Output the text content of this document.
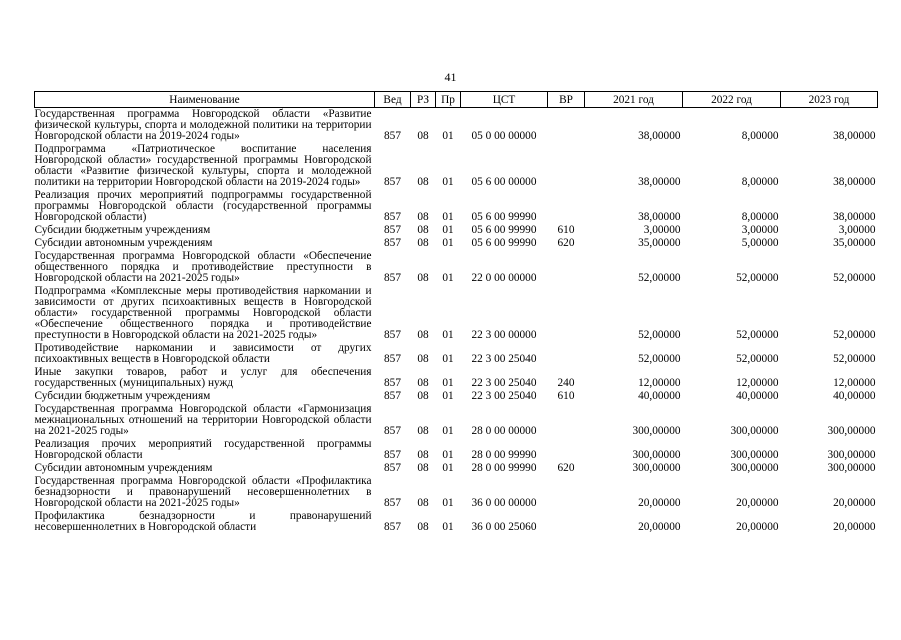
41
Наименование	Вед	РЗ	Пр	ЦСТ	ВР	2021 год	2022 год	2023 год
Государственная программа Новгородской области «Развитие физической культуры, спорта и молодежной политики на территории Новгородской области на 2019-2024 годы»	857	08	01	05 0 00 00000		38,00000	8,00000	38,00000
Подпрограмма «Патриотическое воспитание населения Новгородской области» государственной программы Новгородской области «Развитие физической культуры, спорта и молодежной политики на территории Новгородской области на 2019-2024 годы»	857	08	01	05 6 00 00000		38,00000	8,00000	38,00000
Реализация прочих мероприятий подпрограммы государственной программы Новгородской области (государственной программы Новгородской области)	857	08	01	05 6 00 99990		38,00000	8,00000	38,00000
Субсидии бюджетным учреждениям	857	08	01	05 6 00 99990	610	3,00000	3,00000	3,00000
Субсидии автономным учреждениям	857	08	01	05 6 00 99990	620	35,00000	5,00000	35,00000
Государственная программа Новгородской области «Обеспечение общественного порядка и противодействие преступности в Новгородской области на 2021-2025 годы»	857	08	01	22 0 00 00000		52,00000	52,00000	52,00000
Подпрограмма «Комплексные меры противодействия наркомании и зависимости от других психоактивных веществ в Новгородской области» государственной программы Новгородской области «Обеспечение общественного порядка и противодействие преступности в Новгородской области на 2021-2025 годы»	857	08	01	22 3 00 00000		52,00000	52,00000	52,00000
Противодействие наркомании и зависимости от других психоактивных веществ в Новгородской области	857	08	01	22 3 00 25040		52,00000	52,00000	52,00000
Иные закупки товаров, работ и услуг для обеспечения государственных (муниципальных) нужд	857	08	01	22 3 00 25040	240	12,00000	12,00000	12,00000
Субсидии бюджетным учреждениям	857	08	01	22 3 00 25040	610	40,00000	40,00000	40,00000
Государственная программа Новгородской области «Гармонизация межнациональных отношений на территории Новгородской области на 2021-2025 годы»	857	08	01	28 0 00 00000		300,00000	300,00000	300,00000
Реализация прочих мероприятий государственной программы Новгородской области	857	08	01	28 0 00 99990		300,00000	300,00000	300,00000
Субсидии автономным учреждениям	857	08	01	28 0 00 99990	620	300,00000	300,00000	300,00000
Государственная программа Новгородской области «Профилактика безнадзорности и правонарушений несовершеннолетних в Новгородской области на 2021-2025 годы»	857	08	01	36 0 00 00000		20,00000	20,00000	20,00000
Профилактика безнадзорности и правонарушений несовершеннолетних в Новгородской области	857	08	01	36 0 00 25060		20,00000	20,00000	20,00000
